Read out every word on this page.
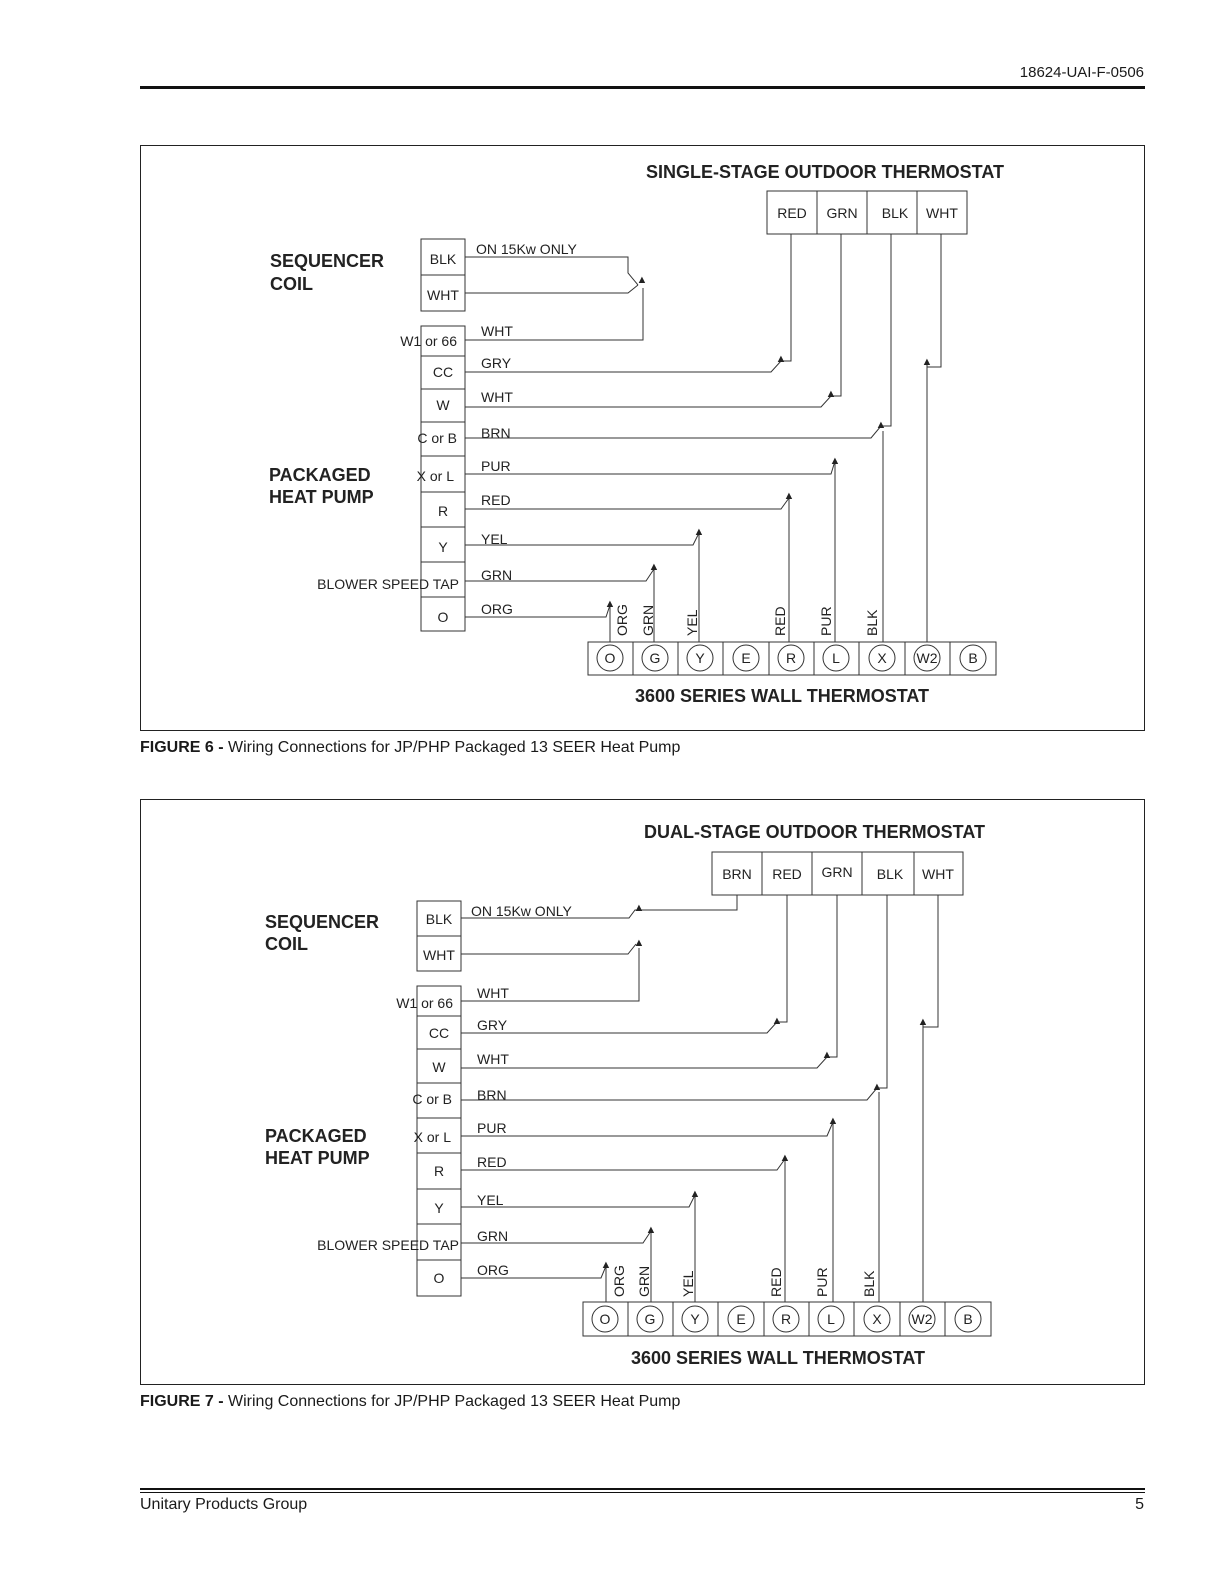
18624-UAI-F-0506
SINGLE-STAGE OUTDOOR THERMOSTAT
RED GRN BLK WHT
SEQUENCER
COIL
BLK
WHT
ON 15Kw ONLY
▲
PACKAGED
HEAT PUMP
W1 or 66
CC
W
C or B
X or L
R
Y
BLOWER SPEED TAP
O
WHT
GRY
WHT
BRN
PUR
RED
YEL
GRN
ORG
▲
▲
▲
▲
▲
▲
▲
▲
▲
ORG GRN YEL	RED PUR BLK
O G Y	E	R	L	X W2 B
3600 SERIES WALL THERMOSTAT
FIGURE 6 - Wiring Connections for JP/PHP Packaged 13 SEER Heat Pump
DUAL-STAGE OUTDOOR THERMOSTAT
BRN RED GRN BLK WHT
SEQUENCER
COIL
BLK
WHT
ON 15Kw ONLY	▲
▲
PACKAGED
HEAT PUMP
W1 or 66
CC
W
C or B
X or L
R
Y
BLOWER SPEED TAP
O
WHT
GRY
WHT
BRN
PUR
RED
YEL
GRN
ORG
▲
▲
▲
▲
▲
▲
▲
▲
▲
ORG GRN YEL	RED PUR BLK
O G Y	E	R	L	X W2 B
3600 SERIES WALL THERMOSTAT
FIGURE 7 - Wiring Connections for JP/PHP Packaged 13 SEER Heat Pump
Unitary Products Group	5
